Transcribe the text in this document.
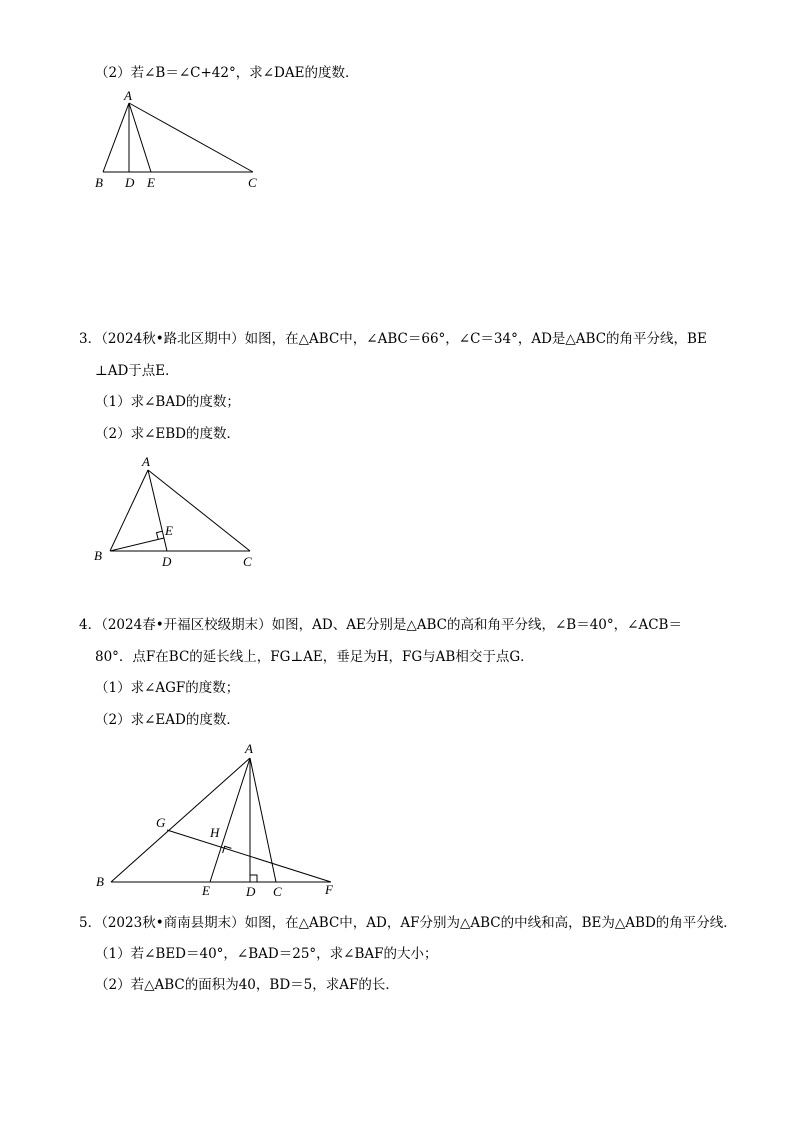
（2）若∠B＝∠C+42°，求∠DAE的度数．
A
B D E	C
3．（2024秋•路北区期中）如图，在△ABC中，∠ABC＝66°，∠C＝34°，AD是△ABC的角平分线，BE
⊥AD于点E．
（1）求∠BAD的度数；
（2）求∠EBD的度数．
A
E
B	D	C
4．（2024春•开福区校级期末）如图，AD、AE分别是△ABC的高和角平分线，∠B＝40°，∠ACB＝
80°．点F在BC的延长线上，FG⊥AE，垂足为H，FG与AB相交于点G．
（1）求∠AGF的度数；
（2）求∠EAD的度数．
A
G
H
B
E	D C	F
5．（2023秋•商南县期末）如图，在△ABC中，AD，AF分别为△ABC的中线和高，BE为△ABD的角平分线．
（1）若∠BED＝40°，∠BAD＝25°，求∠BAF的大小；
（2）若△ABC的面积为40，BD＝5，求AF的长．
